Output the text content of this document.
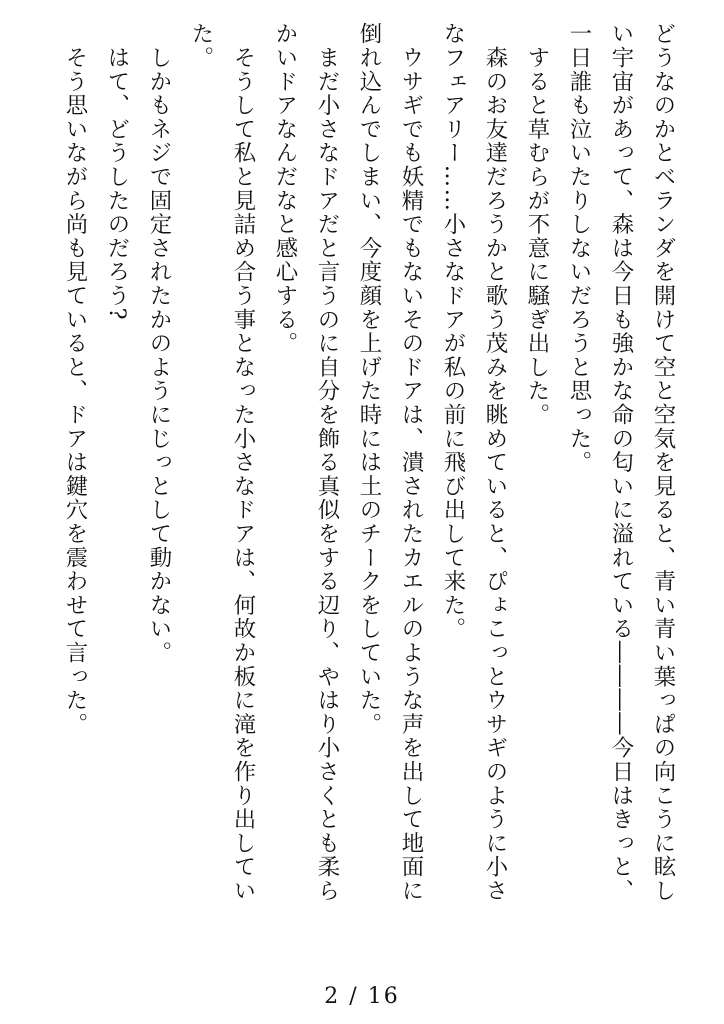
どうなのかとベランダを開けて空と空気を見ると、青い青い葉っぱの向こうに眩しい宇宙があって、森は今日も強かな命の匂いに溢れている――――今日はきっと、一日誰も泣いたりしないだろうと思った。

　すると草むらが不意に騒ぎ出した。

　森のお友達だろうかと歌う茂みを眺めていると、ぴょこっとウサギのように小さなフェアリー……小さなドアが私の前に飛び出して来た。

　ウサギでも妖精でもないそのドアは、潰されたカエルのような声を出して地面に倒れ込んでしまい、今度顔を上げた時には土のチークをしていた。

　まだ小さなドアだと言うのに自分を飾る真似をする辺り、やはり小さくとも柔らかいドアなんだなと感心する。

　そうして私と見詰め合う事となった小さなドアは、何故か板に滝を作り出していた。

　しかもネジで固定されたかのようにじっとして動かない。

　はて、どうしたのだろう?

　そう思いながら尚も見ていると、ドアは鍵穴を震わせて言った。

2 / 16
